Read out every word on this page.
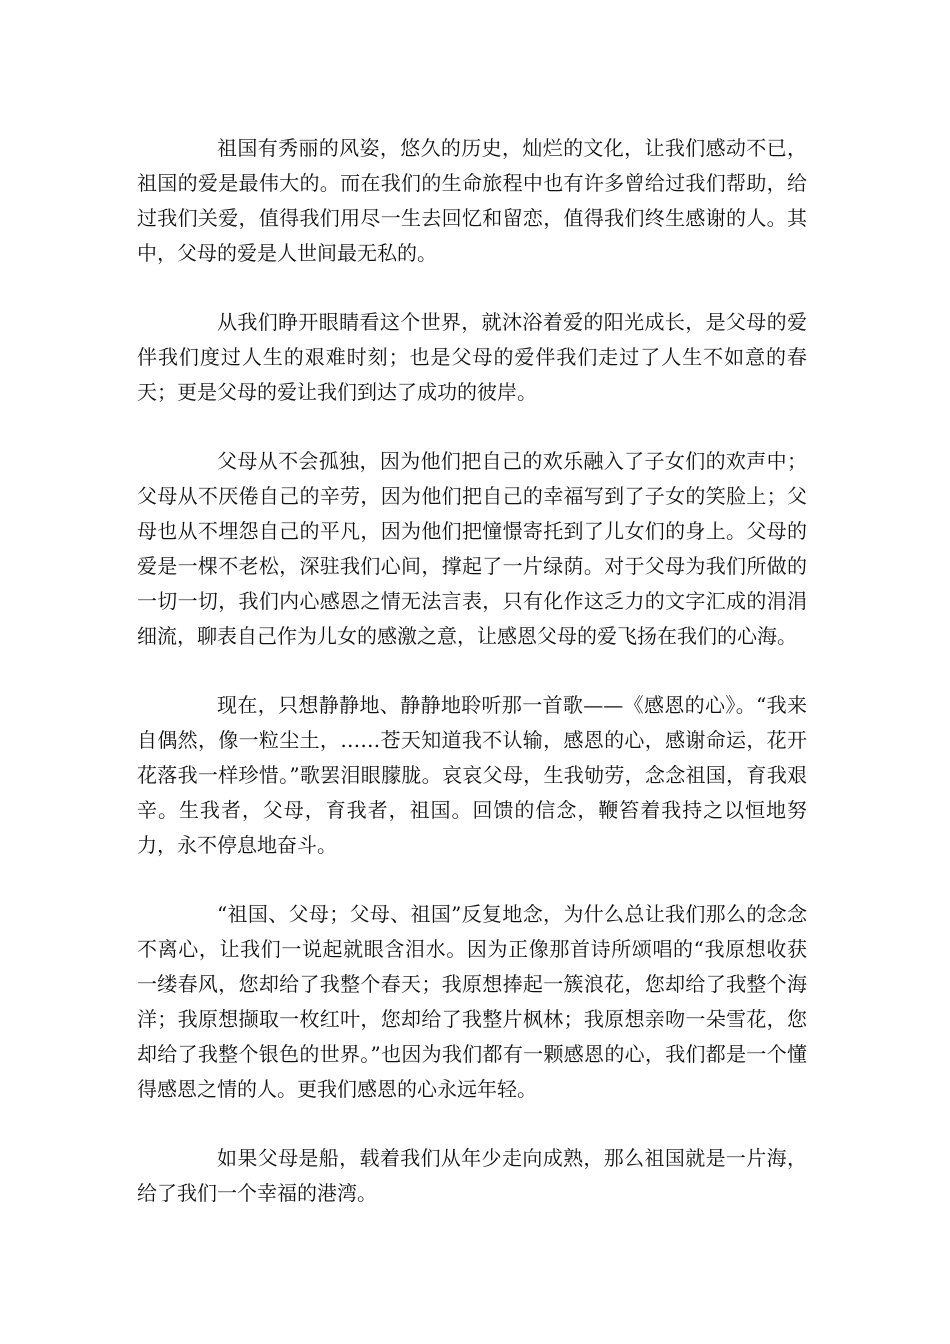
祖国有秀丽的风姿，悠久的历史，灿烂的文化，让我们感动不已，祖国的爱是最伟大的。而在我们的生命旅程中也有许多曾给过我们帮助，给过我们关爱，值得我们用尽一生去回忆和留恋，值得我们终生感谢的人。其中，父母的爱是人世间最无私的。

从我们睁开眼睛看这个世界，就沐浴着爱的阳光成长，是父母的爱伴我们度过人生的艰难时刻；也是父母的爱伴我们走过了人生不如意的春天；更是父母的爱让我们到达了成功的彼岸。

父母从不会孤独，因为他们把自己的欢乐融入了子女们的欢声中；父母从不厌倦自己的辛劳，因为他们把自己的幸福写到了子女的笑脸上；父母也从不埋怨自己的平凡，因为他们把憧憬寄托到了儿女们的身上。父母的爱是一棵不老松，深驻我们心间，撑起了一片绿荫。对于父母为我们所做的一切一切，我们内心感恩之情无法言表，只有化作这乏力的文字汇成的涓涓细流，聊表自己作为儿女的感激之意，让感恩父母的爱飞扬在我们的心海。

现在，只想静静地、静静地聆听那一首歌——《感恩的心》。“我来自偶然，像一粒尘土，……苍天知道我不认输，感恩的心，感谢命运，花开花落我一样珍惜。”歌罢泪眼朦胧。哀哀父母，生我劬劳，念念祖国，育我艰辛。生我者，父母，育我者，祖国。回馈的信念，鞭笞着我持之以恒地努力，永不停息地奋斗。

“祖国、父母；父母、祖国”反复地念，为什么总让我们那么的念念不离心，让我们一说起就眼含泪水。因为正像那首诗所颂唱的“我原想收获一缕春风，您却给了我整个春天；我原想捧起一簇浪花，您却给了我整个海洋；我原想撷取一枚红叶，您却给了我整片枫林；我原想亲吻一朵雪花，您却给了我整个银色的世界。”也因为我们都有一颗感恩的心，我们都是一个懂得感恩之情的人。更我们感恩的心永远年轻。

如果父母是船，载着我们从年少走向成熟，那么祖国就是一片海，给了我们一个幸福的港湾。
